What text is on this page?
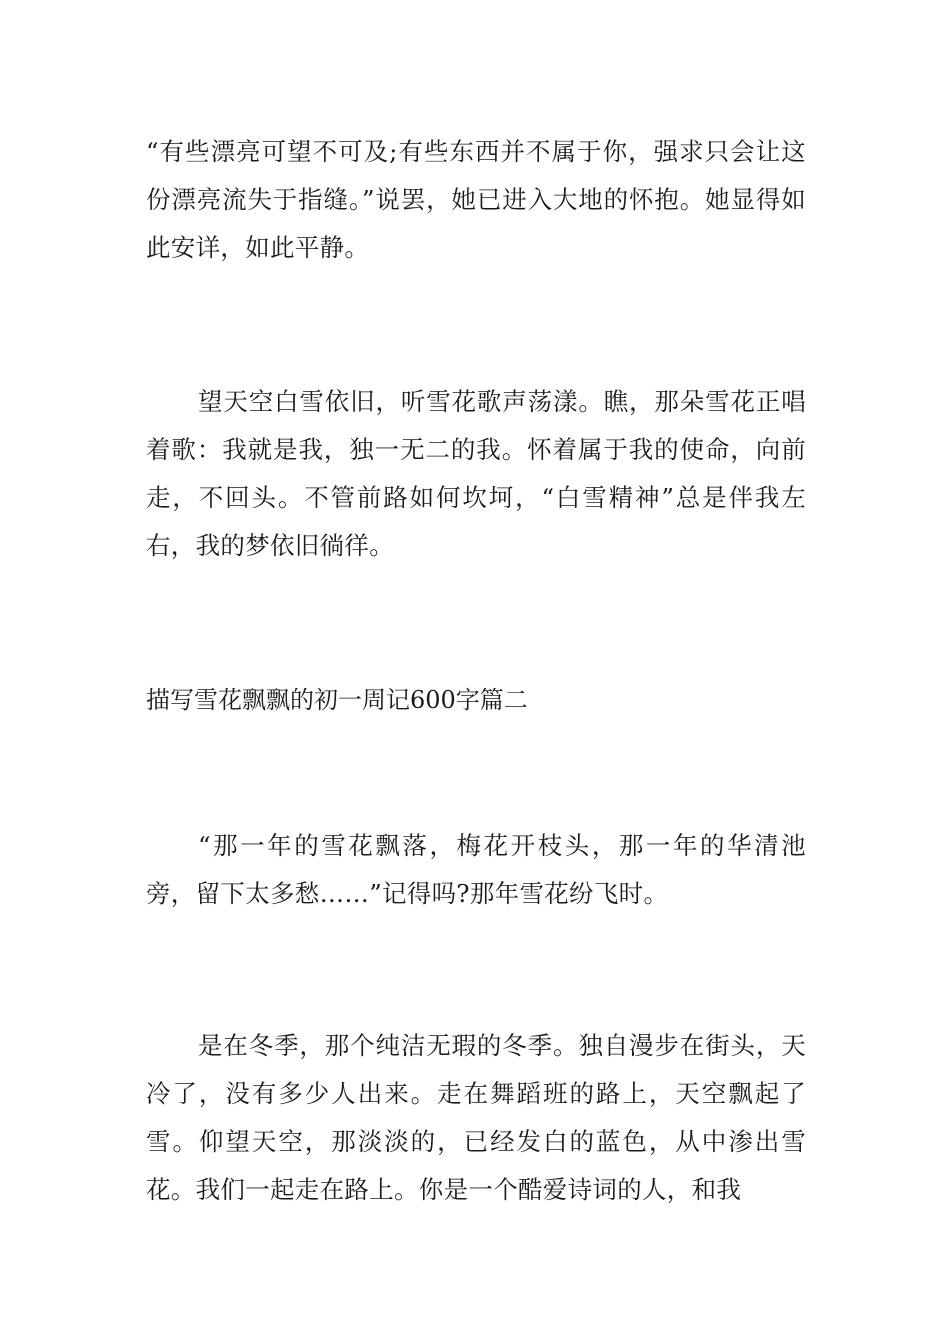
“有些漂亮可望不可及;有些东西并不属于你，强求只会让这份漂亮流失于指缝。”说罢，她已进入大地的怀抱。她显得如此安详，如此平静。

望天空白雪依旧，听雪花歌声荡漾。瞧，那朵雪花正唱着歌：我就是我，独一无二的我。怀着属于我的使命，向前走，不回头。不管前路如何坎坷，“白雪精神”总是伴我左右，我的梦依旧徜徉。

描写雪花飘飘的初一周记600字篇二

“那一年的雪花飘落，梅花开枝头，那一年的华清池旁，留下太多愁……”记得吗?那年雪花纷飞时。

是在冬季，那个纯洁无瑕的冬季。独自漫步在街头，天冷了，没有多少人出来。走在舞蹈班的路上，天空飘起了雪。仰望天空，那淡淡的，已经发白的蓝色，从中渗出雪花。我们一起走在路上。你是一个酷爱诗词的人，和我
